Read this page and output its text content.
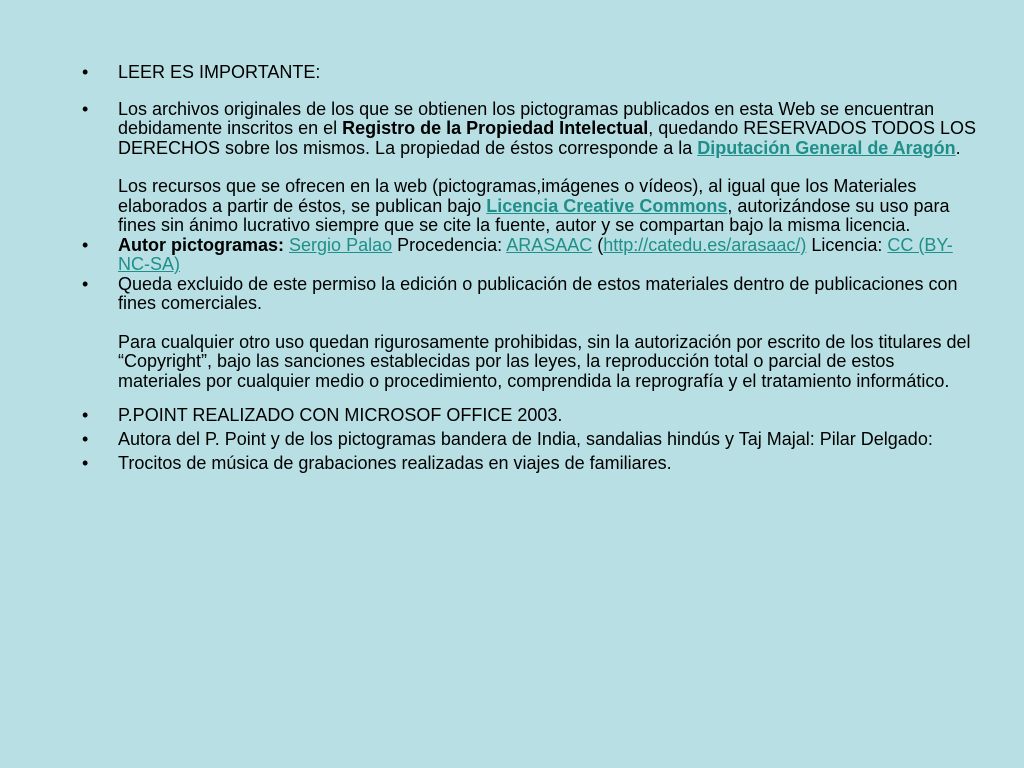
• LEER ES IMPORTANTE:
• Los archivos originales de los que se obtienen los pictogramas publicados en esta Web se encuentran debidamente inscritos en el Registro de la Propiedad Intelectual, quedando RESERVADOS TODOS LOS DERECHOS sobre los mismos. La propiedad de éstos corresponde a la Diputación General de Aragón.
Los recursos que se ofrecen en la web (pictogramas,imágenes o vídeos), al igual que los Materiales elaborados a partir de éstos, se publican bajo Licencia Creative Commons, autorizándose su uso para fines sin ánimo lucrativo siempre que se cite la fuente, autor y se compartan bajo la misma licencia.
• Autor pictogramas: Sergio Palao Procedencia: ARASAAC (http://catedu.es/arasaac/) Licencia: CC (BY-NC-SA)
• Queda excluido de este permiso la edición o publicación de estos materiales dentro de publicaciones con fines comerciales.
Para cualquier otro uso quedan rigurosamente prohibidas, sin la autorización por escrito de los titulares del “Copyright”, bajo las sanciones establecidas por las leyes, la reproducción total o parcial de estos materiales por cualquier medio o procedimiento, comprendida la reprografía y el tratamiento informático.
• P.POINT REALIZADO CON MICROSOF OFFICE 2003.
• Autora del P. Point y de los pictogramas bandera de India, sandalias hindús y Taj Majal: Pilar Delgado:
• Trocitos de música de grabaciones realizadas en viajes de familiares.
